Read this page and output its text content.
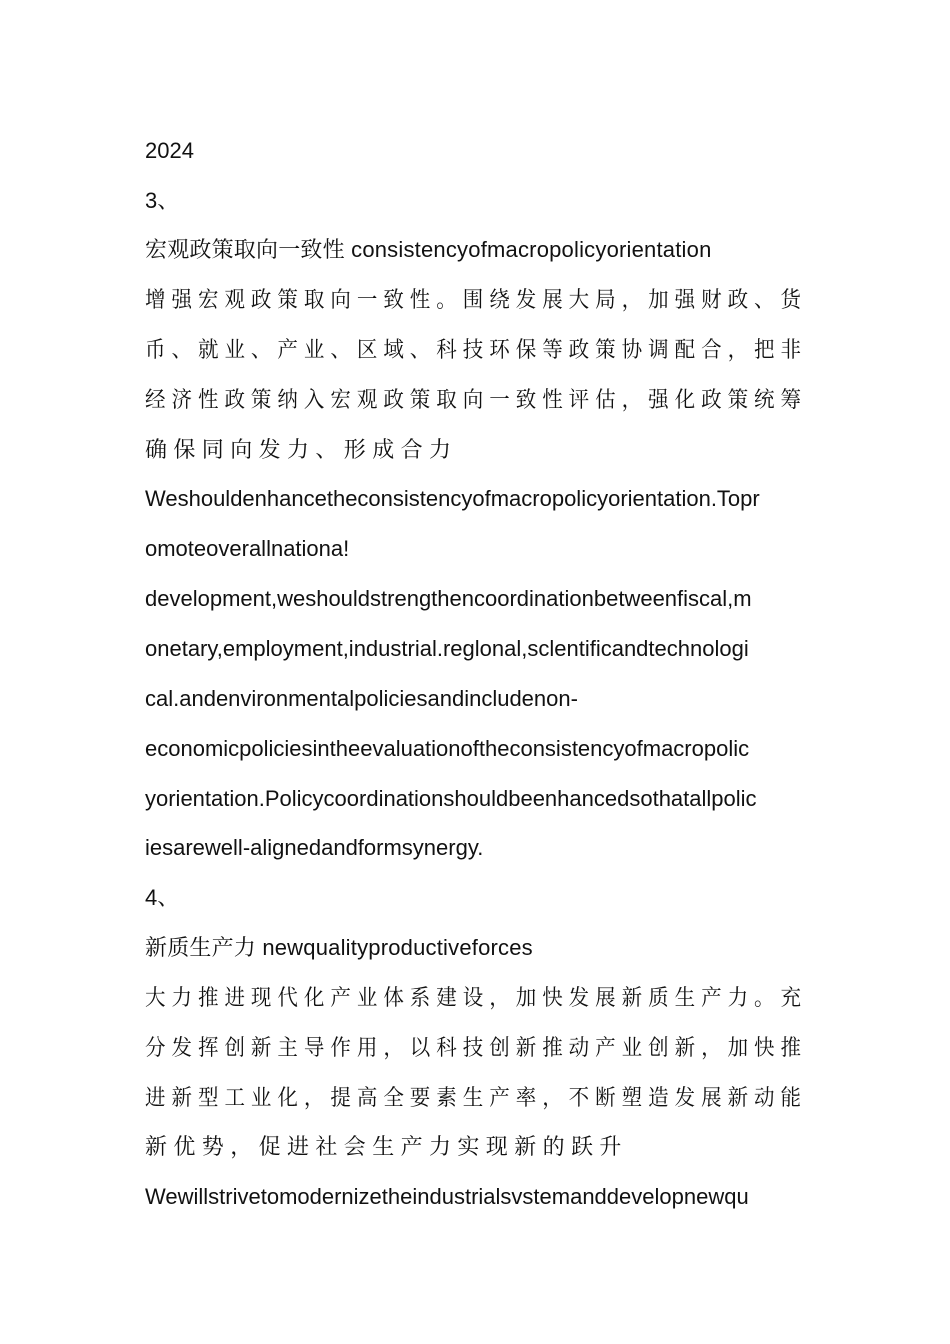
2024
3、
宏观政策取向一致性 consistencyofmacropolicyorientation
增强宏观政策取向一致性。围绕发展大局，加强财政、货
币、就业、产业、区域、科技环保等政策协调配合，把非
经济性政策纳入宏观政策取向一致性评估，强化政策统筹
确保同向发力、形成合力
Weshouldenhancetheconsistencyofmacropolicyorientation.Topr
omoteoverallnationa!
development,weshouldstrengthencoordinationbetweenfiscal,m
onetary,employment,industrial.reglonal,sclentificandtechnologi
cal.andenvironmentalpoliciesandincludenon-
economicpoliciesintheevaluationoftheconsistencyofmacropolic
yorientation.Policycoordinationshouldbeenhancedsothatallpolic
iesarewell-alignedandformsynergy.
4、
新质生产力 newqualityproductiveforces
大力推进现代化产业体系建设，加快发展新质生产力。充
分发挥创新主导作用，以科技创新推动产业创新，加快推
进新型工业化，提高全要素生产率，不断塑造发展新动能
新优势，促进社会生产力实现新的跃升
Wewillstrivetomodernizetheindustrialsvstemanddevelopnewqu
